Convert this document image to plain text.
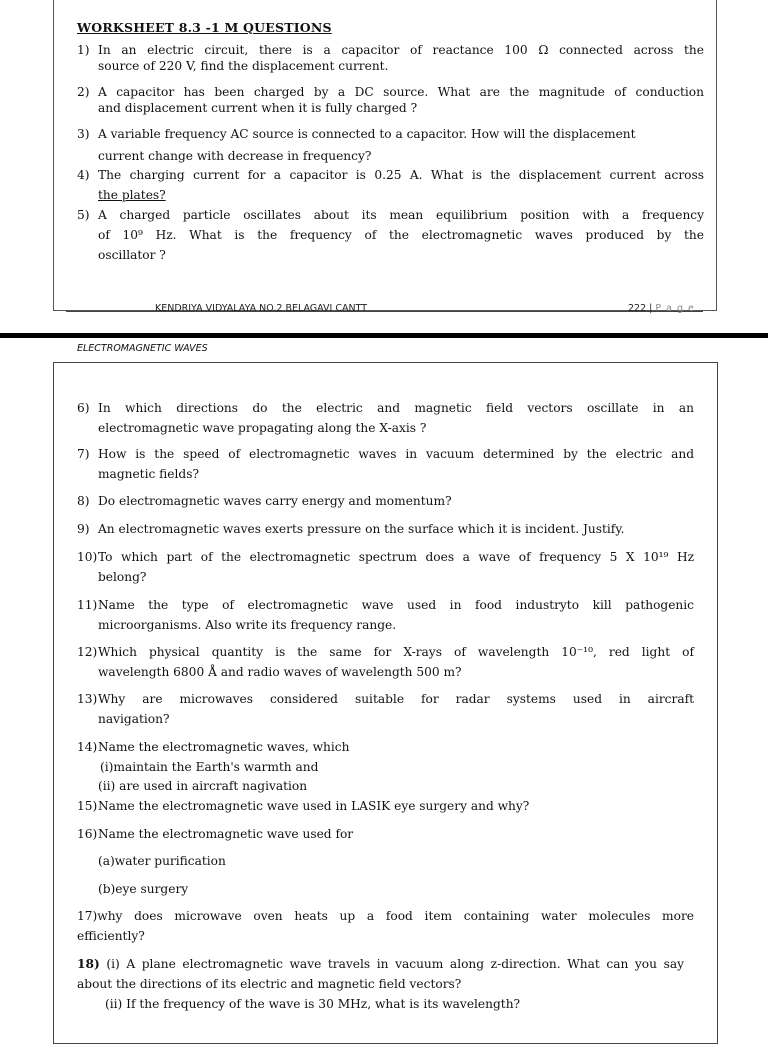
WORKSHEET 8.3 -1 M QUESTIONS
1) In an electric circuit, there is a capacitor of reactance 100 Ω connected across the
source of 220 V, find the displacement current.
2) A capacitor has been charged by a DC source. What are the magnitude of conduction
and displacement current when it is fully charged ?
3) A variable frequency AC source is connected to a capacitor. How will the displacement
current change with decrease in frequency?
4) The charging current for a capacitor is 0.25 A. What is the displacement current across
the plates?
5) A charged particle oscillates about its mean equilibrium position with a frequency
of 10⁹ Hz. What is the frequency of the electromagnetic waves produced by the
oscillator ?
KENDRIYA VIDYALAYA NO.2 BELAGAVI CANTT	222 | P a g e
ELECTROMAGNETIC WAVES
6) In which directions do the electric and magnetic field vectors oscillate in an
electromagnetic wave propagating along the X-axis ?
7) How is the speed of electromagnetic waves in vacuum determined by the electric and
magnetic fields?
8) Do electromagnetic waves carry energy and momentum?
9) An electromagnetic waves exerts pressure on the surface which it is incident. Justify.
10) To which part of the electromagnetic spectrum does a wave of frequency 5 X 10¹⁹ Hz
belong?
11) Name the type of electromagnetic wave used in food industryto kill pathogenic
microorganisms. Also write its frequency range.
12) Which physical quantity is the same for X-rays of wavelength 10⁻¹⁰, red light of
wavelength 6800 Å and radio waves of wavelength 500 m?
13) Why are microwaves considered suitable for radar systems used in aircraft
navigation?
14) Name the electromagnetic waves, which
(i)maintain the Earth's warmth and
(ii) are used in aircraft nagivation
15) Name the electromagnetic wave used in LASIK eye surgery and why?
16) Name the electromagnetic wave used for
(a)water purification
(b)eye surgery
17)why does microwave oven heats up a food item containing water molecules more
efficiently?
18) (i) A plane electromagnetic wave travels in vacuum along z-direction. What can you say
about the directions of its electric and magnetic field vectors?
(ii) If the frequency of the wave is 30 MHz, what is its wavelength?
